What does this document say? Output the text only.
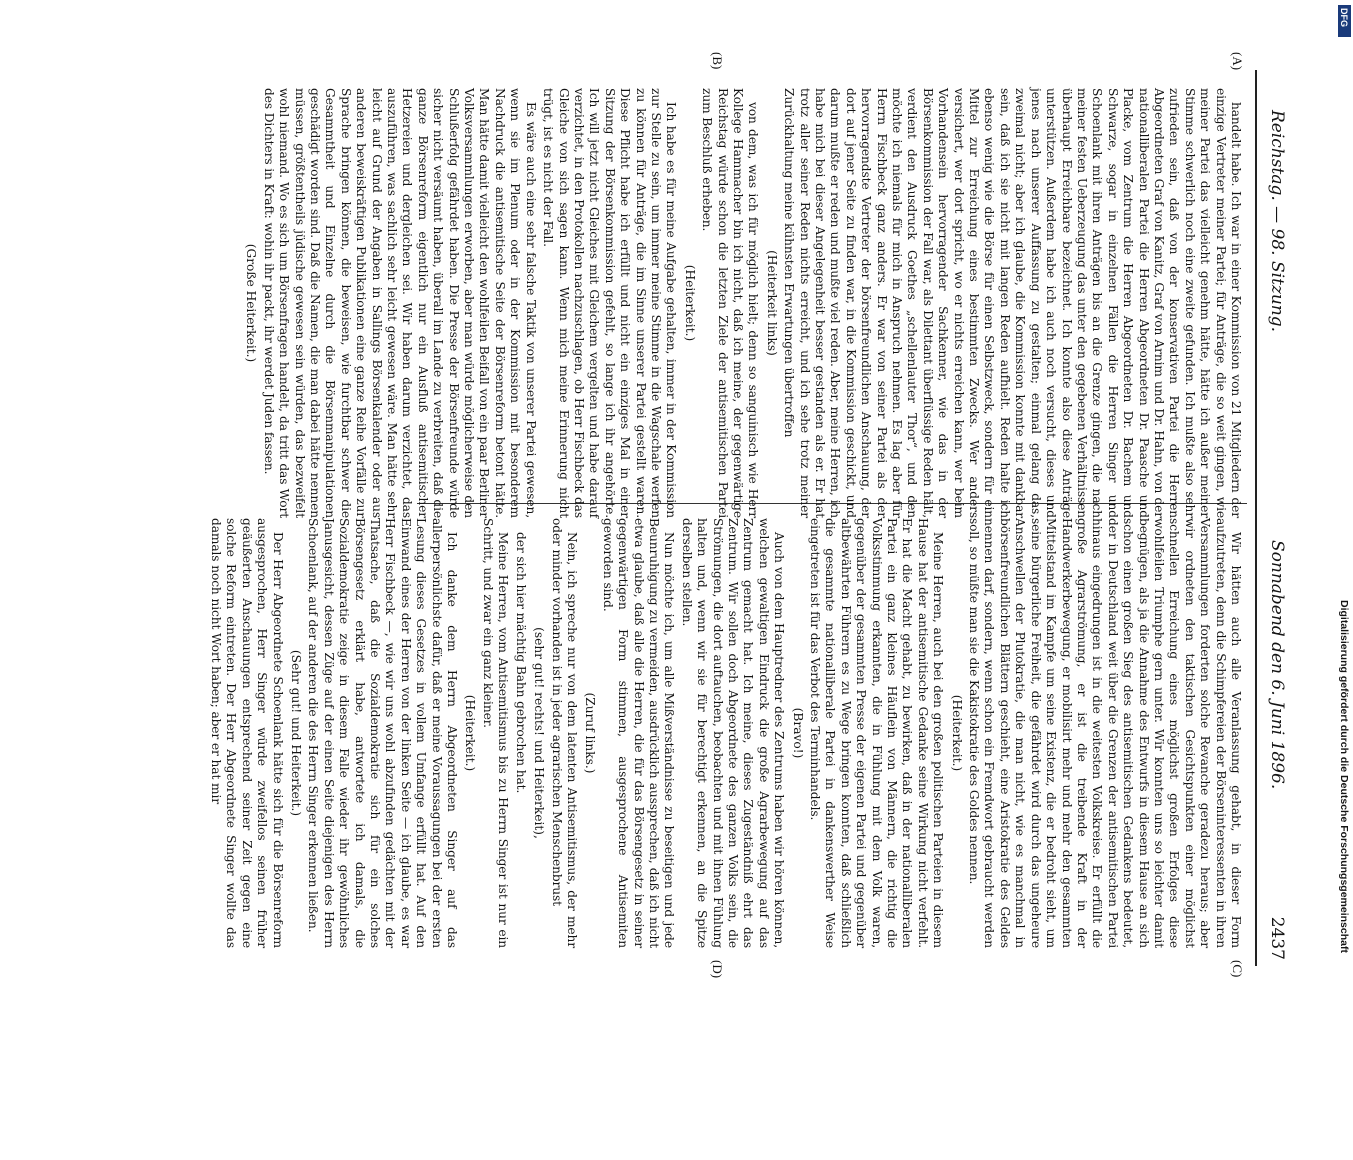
Reichstag. — 98. Sitzung.
Sonnabend den 6. Juni 1896.
2437
(A)
(B)
(C)
(D)

handelt habe. Ich war in einer Kommission von 21 Mitgliedern der einzige Vertreter meiner Partei; für Anträge, die so weit gingen, wie meiner Partei das vielleicht genehm hätte, hätte ich außer meiner Stimme schwerlich noch eine zweite gefunden. Ich mußte also sehr zufrieden sein, daß von der konservativen Partei die Herren Abgeordneten Graf von Kanitz, Graf von Arnim und Dr. Hahn, von der nationalliberalen Partei die Herren Abgeordneten Dr. Paasche und Placke, vom Zentrum die Herren Abgeordneten Dr. Bachem und Schwarze, sogar in einzelnen Fällen die Herren Singer und Schoenlank mit ihren Anträgen bis an die Grenze gingen, die nach meiner festen Ueberzeugung das unter den gegebenen Verhältnissen überhaupt Erreichbare bezeichnet. Ich konnte also diese Anträge unterstützen. Außerdem habe ich auch noch versucht, dieses und jenes nach unserer Auffassung zu gestalten; einmal gelang das, zweimal nicht; aber ich glaube, die Kommission konnte mit dankbar sein, daß ich sie nicht mit langen Reden aufhielt. Reden halte ich ebenso wenig wie die Börse für einen Selbstzweck, sondern für ein Mittel zur Erreichung eines bestimmten Zwecks. Wer anders versichert, wer dort spricht, wo er nichts erreichen kann, wer beim Vorhandensein hervorragender Sachkenner, wie das in der Börsenkommission der Fall war, als Dilettant überflüssige Reden hält, verdient den Ausdruck Goethes „schellenlauter Thor“, und den möchte ich niemals für mich in Anspruch nehmen. Es lag aber für Herrn Fischbeck ganz anders. Er war von seiner Partei als der hervorragendste Vertreter der börsenfreundlichen Anschauung, der dort auf jener Seite zu finden war, in die Kommission geschickt, und darum mußte er reden und mußte viel reden. Aber, meine Herren, ich habe mich bei dieser Angelegenheit besser gestanden als er. Er hat trotz aller seiner Reden nichts erreicht, und ich sehe trotz meiner Zurückhaltung meine kühnsten Erwartungen übertroffen

(Heiterkeit links)

von dem, was ich für möglich hielt; denn so sanguinisch wie Herr Kollege Hammacher bin ich nicht, daß ich meine, der gegenwärtige Reichstag würde schon die letzten Ziele der antisemitischen Partei zum Beschluß erheben.

(Heiterkeit.)

Ich habe es für meine Aufgabe gehalten, immer in der Kommission zur Stelle zu sein, um immer meine Stimme in die Wagschale werfen zu können für Anträge, die im Sinne unserer Partei gestellt waren. Diese Pflicht habe ich erfüllt und nicht ein einziges Mal in einer Sitzung der Börsenkommission gefehlt, so lange ich ihr angehörte. Ich will jetzt nicht Gleiches mit Gleichem vergelten und habe darauf verzichtet, in den Protokollen nachzuschlagen, ob Herr Fischbeck das Gleiche von sich sagen kann. Wenn mich meine Erinnerung nicht trügt, ist es nicht der Fall.

Es wäre auch eine sehr falsche Taktik von unserer Partei gewesen, wenn sie im Plenum oder in der Kommission mit besonderem Nachdruck die antisemitische Seite der Börsenreform betont hätte. Man hätte damit vielleicht den wohlfeilen Beifall von ein paar Berliner Volksversammlungen erworben, aber man würde möglicherweise den Schlußerfolg gefährdet haben. Die Presse der Börsenfreunde würde sicher nicht versäumt haben, überall im Lande zu verbreiten, daß die ganze Börsenreform eigentlich nur ein Ausfluß antisemitischer Hetzereien und dergleichen sei. Wir haben darum verzichtet, das auszuführen, was sachlich sehr leicht gewesen wäre. Man hätte sehr leicht auf Grund der Angaben in Sallings Börsenkalender oder aus anderen beweiskräftigen Publikationen eine ganze Reihe Vorfälle zur Sprache bringen können, die beweisen, wie furchtbar schwer die Gesammtheit und Einzelne durch die Börsenmanipulationen geschädigt worden sind. Daß die Namen, die man dabei hätte nennen müssen, größtentheils jüdische gewesen sein würden, das bezweifelt wohl niemand. Wo es sich um Börsenfragen handelt, da tritt das Wort des Dichters in Kraft: wohin ihr packt, ihr werdet Juden fassen.

(Große Heiterkeit.)

Wir hätten auch alle Veranlassung gehabt, in dieser Form aufzutreten, denn die Schimpfereien der Börseninteressenten in ihren Versammlungen forderten solche Revanche geradezu heraus; aber wir ordneten den taktischen Gesichtspunkten einer möglichst schnellen Erreichung eines möglichst großen Erfolges diese wohlfeilen Triumphe gern unter. Wir konnten uns so leichter damit begnügen, als ja die Annahme des Entwurfs in diesem Hause an sich schon einen großen Sieg des antisemitischen Gedankens bedeutet, der in Deutschland weit über die Grenzen der antisemitischen Partei hinaus eingedrungen ist in die weitesten Volkskreise. Er erfüllt die große Agrarströmung, er ist die treibende Kraft in der Handwerkerbewegung, er mobilisirt mehr und mehr den gesammten Mittelstand im Kampfe um seine Existenz, die er bedroht sieht, um seine bürgerliche Freiheit, die gefährdet wird durch das ungeheure Anschwellen der Plutokratie, die man nicht, wie es manchmal in börsenfreundlichen Blättern geschieht, eine Aristokratie des Geldes nennen darf, sondern, wenn schon ein Fremdwort gebraucht werden soll, so müßte man sie die Kakistokratie des Goldes nennen.

(Heiterkeit.)

Meine Herren, auch bei den großen politischen Parteien in diesem Hause hat der antisemitische Gedanke seine Wirkung nicht verfehlt. Er hat die Macht gehabt, zu bewirken, daß in der nationalliberalen Partei ein ganz kleines Häuflein von Männern, die richtig die Volksstimmung erkannten, die in Fühlung mit dem Volk waren, gegenüber der gesammten Presse der eigenen Partei und gegenüber altbewährten Führern es zu Wege bringen konnten, daß schließlich die gesammte nationalliberale Partei in dankenswerther Weise eingetreten ist für das Verbot des Terminhandels.

(Bravo!)

Auch von dem Hauptredner des Zentrums haben wir hören können, welchen gewaltigen Eindruck die große Agrarbewegung auf das Zentrum gemacht hat. Ich meine, dieses Zugeständniß ehrt das Zentrum. Wir sollen doch Abgeordnete des ganzen Volks sein, die Strömungen, die dort auftauchen, beobachten und mit ihnen Fühlung halten und, wenn wir sie für berechtigt erkennen, an die Spitze derselben stellen.

Nun möchte ich, um alle Mißverständnisse zu beseitigen und jede Beunruhigung zu vermeiden, ausdrücklich aussprechen, daß ich nicht etwa glaube, daß alle die Herren, die für das Börsengesetz in seiner gegenwärtigen Form stimmen, ausgesprochene Antisemiten geworden sind.

(Zuruf links.)

Nein, ich spreche nur von dem latenten Antisemitismus, der mehr oder minder vorhanden ist in jeder agrarischen Menschenbrust

(sehr gut! rechts! und Heiterkeit),

der sich hier mächtig Bahn gebrochen hat.

Meine Herren, vom Antisemitismus bis zu Herrn Singer ist nur ein Schritt, und zwar ein ganz kleiner.

(Heiterkeit.)

Ich danke dem Herrn Abgeordneten Singer auf das allerpersönlichste dafür, daß er meine Voraussagungen bei der ersten Lesung dieses Gesetzes in vollem Umfange erfüllt hat. Auf den Einwand eines der Herren von der linken Seite — ich glaube, es war Herr Fischbeck —, wie wir uns wohl abzufinden gedächten mit der Thatsache, daß die Sozialdemokratie sich für ein solches Börsengesetz erklärt habe, antwortete ich damals, die Sozialdemokratie zeige in diesem Falle wieder ihr gewöhnliches Janusgesicht, dessen Züge auf der einen Seite diejenigen des Herrn Schoenlank, auf der anderen die des Herrn Singer erkennen ließen.

(Sehr gut! und Heiterkeit.)

Der Herr Abgeordnete Schoenlank hätte sich für die Börsenreform ausgesprochen, Herr Singer würde zweifellos seinen früher geäußerten Anschauungen entsprechend seiner Zeit gegen eine solche Reform eintreten. Der Herr Abgeordnete Singer wollte das damals noch nicht Wort haben; aber er hat mir

DFG
Digitalisierung gefördert durch die Deutsche Forschungsgemeinschaft
